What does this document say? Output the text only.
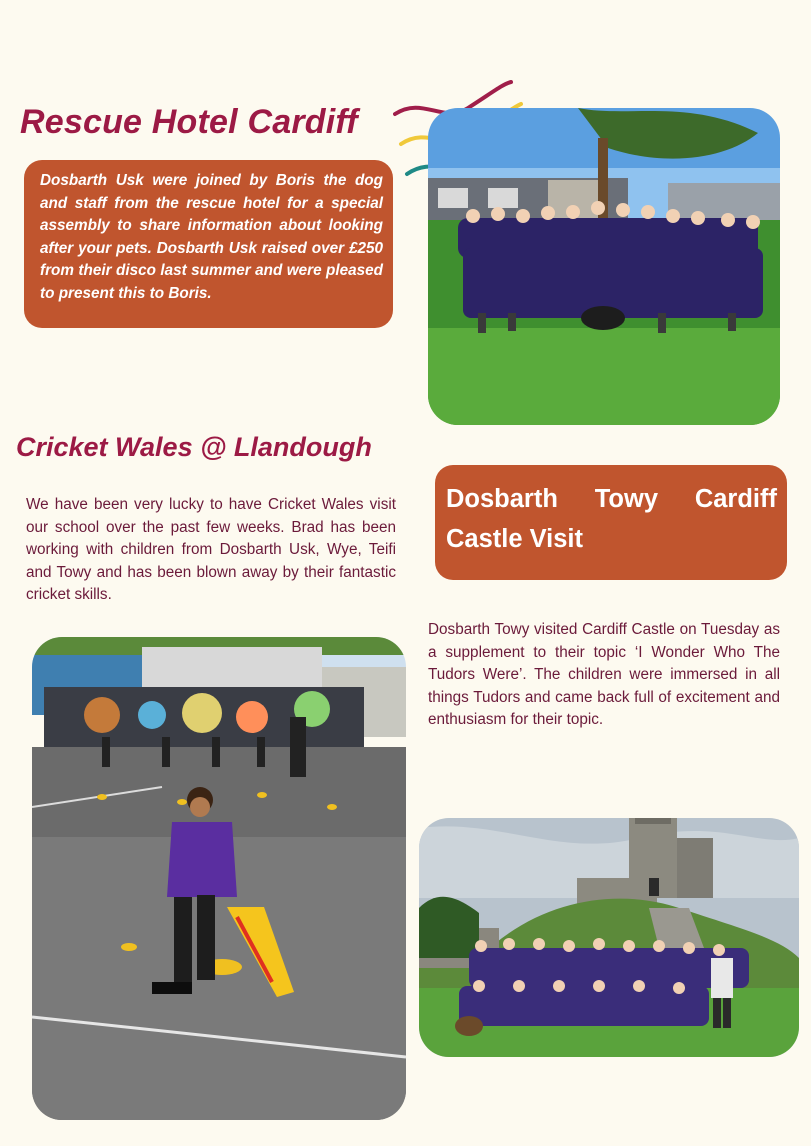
Rescue Hotel Cardiff

Dosbarth Usk were joined by Boris the dog and staff from the rescue hotel for a special assembly to share information about looking after your pets. Dosbarth Usk raised over £250 from their disco last summer and were pleased to present this to Boris.

Cricket Wales @ Llandough

We have been very lucky to have Cricket Wales visit our school over the past few weeks. Brad has been working with children from Dosbarth Usk, Wye, Teifi and Towy and has been blown away by their fantastic cricket skills.

Dosbarth Towy Cardiff Castle Visit

Dosbarth Towy visited Cardiff Castle on Tuesday as a supplement to their topic ‘I Wonder Who The Tudors Were’. The children were immersed in all things Tudors and came back full of excitement and enthusiasm for their topic.
